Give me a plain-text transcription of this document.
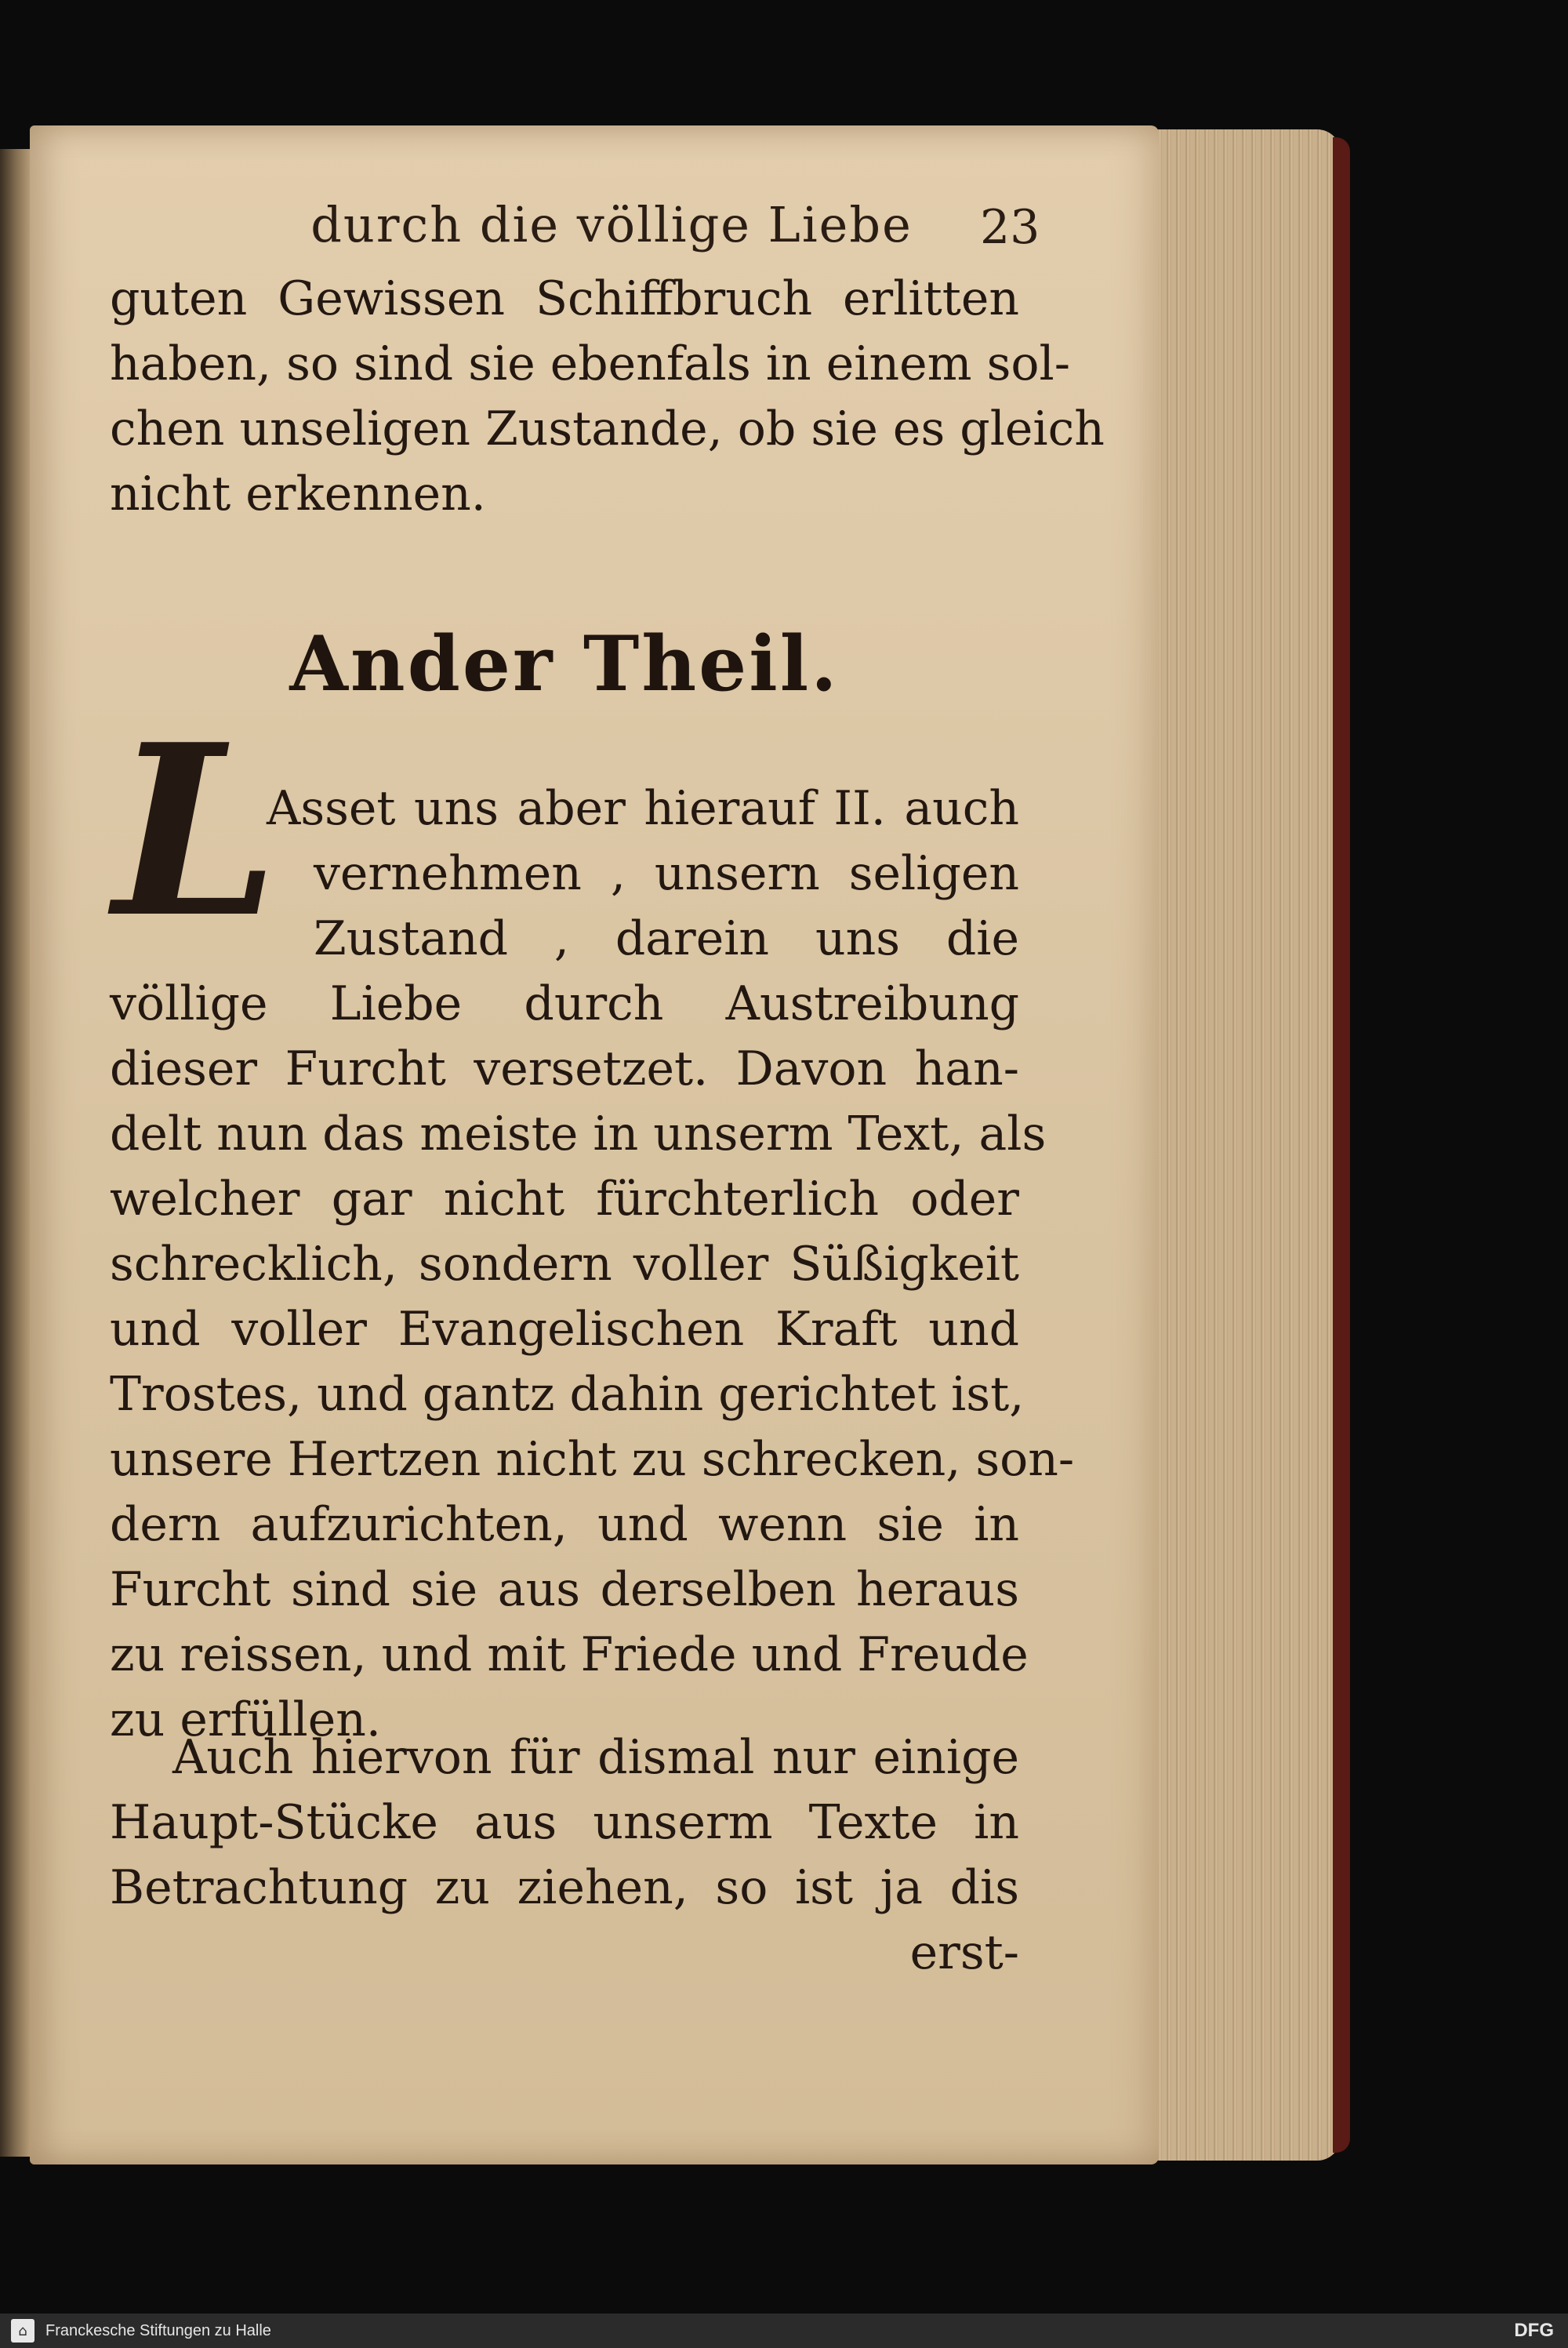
durch die völlige Liebe 23
guten Gewissen Schiffbruch erlitten
haben, so sind sie ebenfals in einem sol-
chen unseligen Zustande, ob sie es gleich
nicht erkennen.
Ander Theil.
L
Asset uns aber hierauf II. auch
vernehmen , unsern seligen
Zustand , darein uns die
völlige Liebe durch Austreibung
dieser Furcht versetzet. Davon han-
delt nun das meiste in unserm Text, als
welcher gar nicht fürchterlich oder
schrecklich, sondern voller Süßigkeit
und voller Evangelischen Kraft und
Trostes, und gantz dahin gerichtet ist,
unsere Hertzen nicht zu schrecken, son-
dern aufzurichten, und wenn sie in
Furcht sind sie aus derselben heraus
zu reissen, und mit Friede und Freude
zu erfüllen.
Auch hiervon für dismal nur einige
Haupt-Stücke aus unserm Texte in
Betrachtung zu ziehen, so ist ja dis
erst-
⌂	Franckesche Stiftungen zu Halle	DFG
